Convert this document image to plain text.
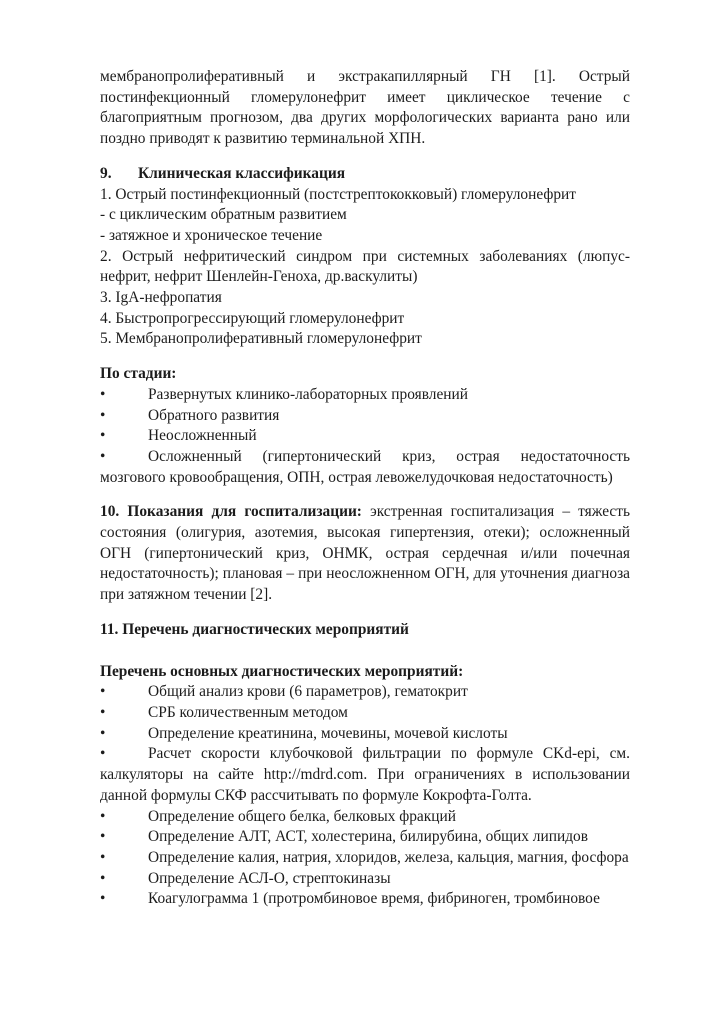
мембранопролиферативный и экстракапиллярный ГН [1]. Острый постинфекционный гломерулонефрит имеет циклическое течение с благоприятным прогнозом, два других морфологических варианта рано или поздно приводят к развитию терминальной ХПН.

9. Клиническая классификация

1. Острый постинфекционный (постстрептококковый) гломерулонефрит

- с циклическим обратным развитием

- затяжное и хроническое течение

2. Острый нефритический синдром при системных заболеваниях (люпус-нефрит, нефрит Шенлейн-Геноха, др.васкулиты)

3. IgA-нефропатия

4. Быстропрогрессирующий гломерулонефрит

5. Мембранопролиферативный гломерулонефрит

По стадии:

•	Развернутых клинико-лабораторных проявлений

•	Обратного развития

•	Неосложненный

•	Осложненный (гипертонический криз, острая недостаточность мозгового кровообращения, ОПН, острая левожелудочковая недостаточность)

10. Показания для госпитализации: экстренная госпитализация – тяжесть состояния (олигурия, азотемия, высокая гипертензия, отеки); осложненный ОГН (гипертонический криз, ОНМК, острая сердечная и/или почечная недостаточность); плановая – при неосложненном ОГН, для уточнения диагноза при затяжном течении [2].

11. Перечень диагностических мероприятий

Перечень основных диагностических мероприятий:

•	Общий анализ крови (6 параметров), гематокрит

•	СРБ количественным методом

•	Определение креатинина, мочевины, мочевой кислоты

•	Расчет скорости клубочковой фильтрации по формуле CKd-epi, см. калкуляторы на сайте http://mdrd.com. При ограничениях в использовании данной формулы СКФ рассчитывать по формуле Кокрофта-Голта.

•	Определение общего белка, белковых фракций

•	Определение АЛТ, АСТ, холестерина, билирубина, общих липидов

•	Определение калия, натрия, хлоридов, железа, кальция, магния, фосфора

•	Определение АСЛ-О, стрептокиназы

•	Коагулограмма 1 (протромбиновое время, фибриноген, тромбиновое
